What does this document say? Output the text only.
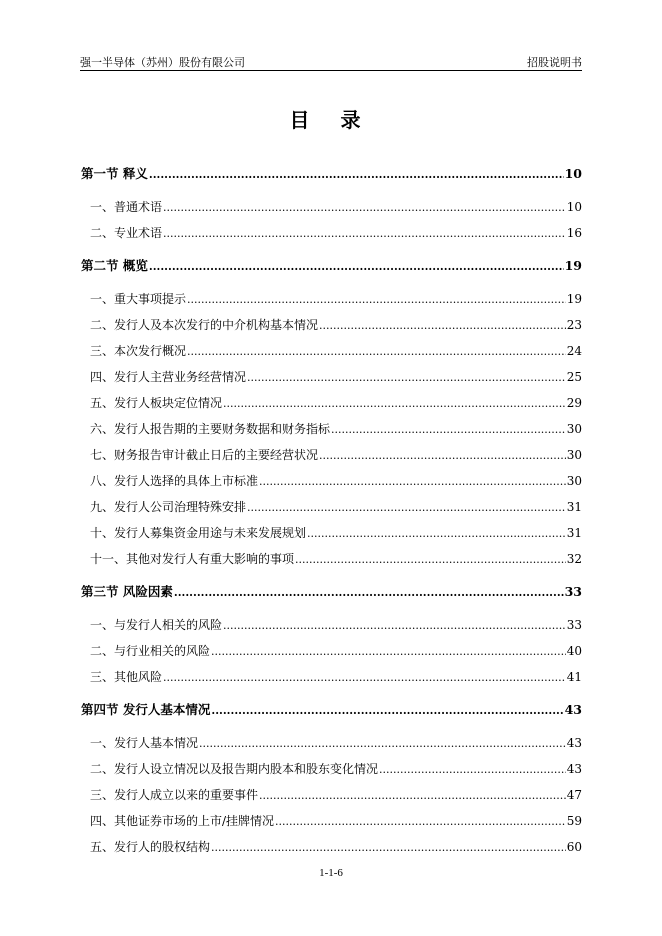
强一半导体（苏州）股份有限公司	招股说明书
目 录
第一节 释义 .....	10
一、普通术语 .....	10
二、专业术语 .....	16
第二节 概览 .....	19
一、重大事项提示 .....	19
二、发行人及本次发行的中介机构基本情况 .....	23
三、本次发行概况 .....	24
四、发行人主营业务经营情况 .....	25
五、发行人板块定位情况 .....	29
六、发行人报告期的主要财务数据和财务指标 .....	30
七、财务报告审计截止日后的主要经营状况 .....	30
八、发行人选择的具体上市标准 .....	30
九、发行人公司治理特殊安排 .....	31
十、发行人募集资金用途与未来发展规划 .....	31
十一、其他对发行人有重大影响的事项 .....	32
第三节 风险因素 .....	33
一、与发行人相关的风险 .....	33
二、与行业相关的风险 .....	40
三、其他风险 .....	41
第四节 发行人基本情况 .....	43
一、发行人基本情况 .....	43
二、发行人设立情况以及报告期内股本和股东变化情况 .....	43
三、发行人成立以来的重要事件 .....	47
四、其他证券市场的上市/挂牌情况 .....	59
五、发行人的股权结构 .....	60
1-1-6
